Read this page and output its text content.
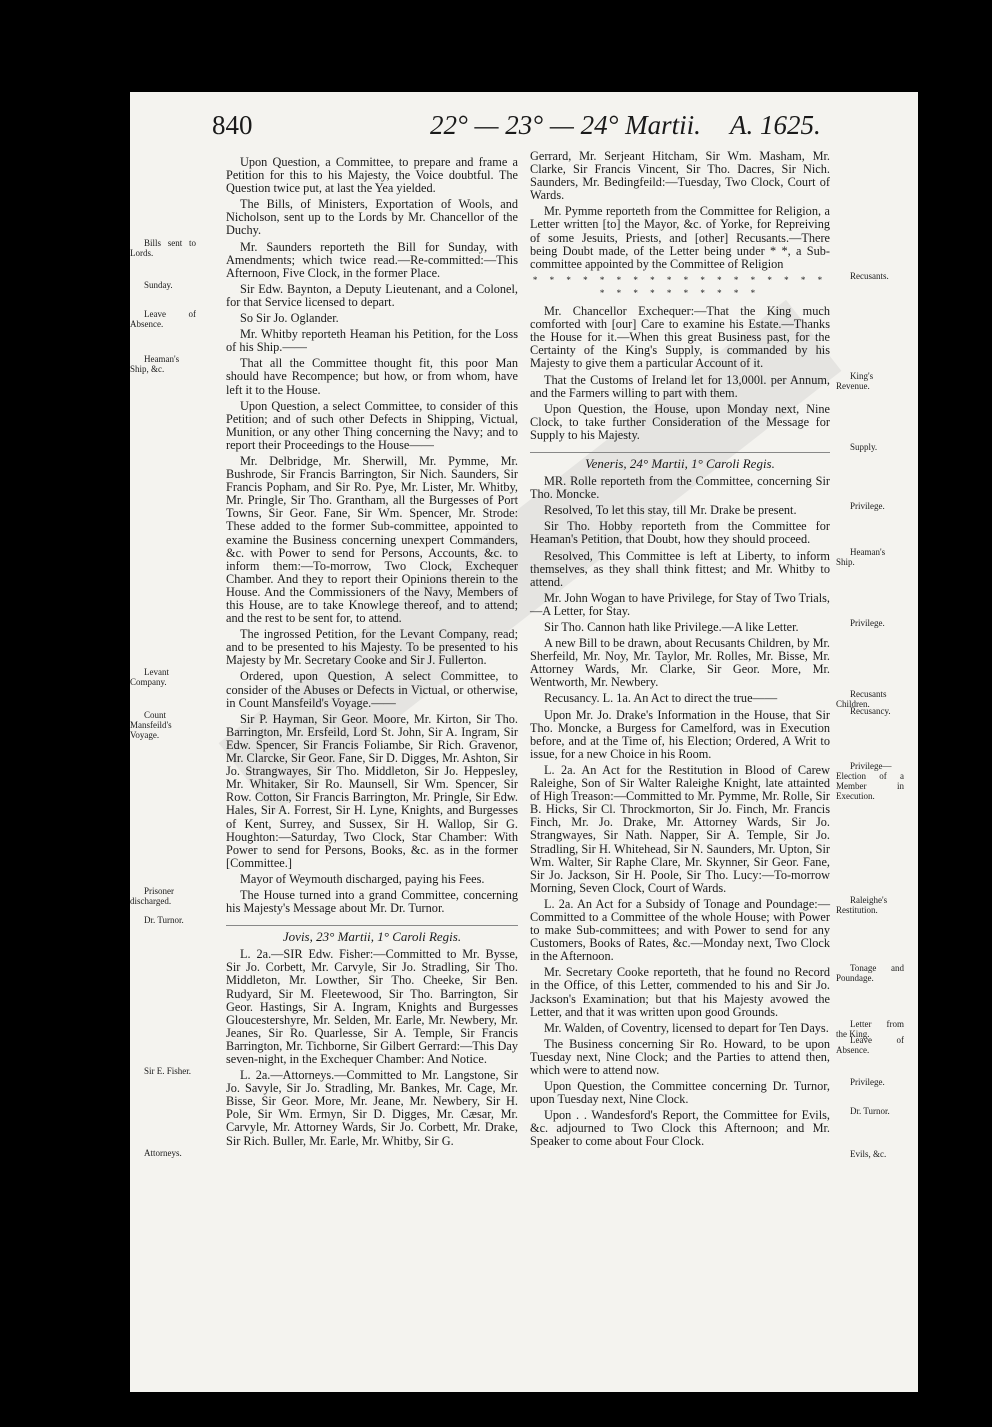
840	22° — 23° — 24° Martii. A. 1625.
Upon Question, a Committee, to prepare and frame a Petition for this to his Majesty, the Voice doubtful. The Question twice put, at last the Yea yielded.
The Bills, of Ministers, Exportation of Wools, and Nicholson, sent up to the Lords by Mr. Chancellor of the Duchy.
Bills sent to Lords.	Mr. Saunders reporteth the Bill for Sunday, with Amendments; which twice read.—Re-committed:—This Afternoon, Five Clock, in the former Place.
Sunday.	Sir Edw. Baynton, a Deputy Lieutenant, and a Colonel, for that Service licensed to depart.
Leave of Absence.	So Sir Jo. Oglander.
Mr. Whitby reporteth Heaman his Petition, for the Loss of his Ship.——
Heaman's Ship, &c.	That all the Committee thought fit, this poor Man should have Recompence; but how, or from whom, have left it to the House.
Upon Question, a select Committee, to consider of this Petition; and of such other Defects in Shipping, Victual, Munition, or any other Thing concerning the Navy; and to report their Proceedings to the House——
Mr. Delbridge, Mr. Sherwill, Mr. Pymme, Mr. Bushrode, Sir Francis Barrington, Sir Nich. Saunders, Sir Francis Popham, and Sir Ro. Pye, Mr. Lister, Mr. Whitby, Mr. Pringle, Sir Tho. Grantham, all the Burgesses of Port Towns, Sir Geor. Fane, Sir Wm. Spencer, Mr. Strode: These added to the former Sub-committee, appointed to examine the Business concerning unexpert Commanders, &c. with Power to send for Persons, Accounts, &c. to inform them:—To-morrow, Two Clock, Exchequer Chamber. And they to report their Opinions therein to the House. And the Commissioners of the Navy, Members of this House, are to take Knowlege thereof, and to attend; and the rest to be sent for, to attend.
The ingrossed Petition, for the Levant Company, read; and to be presented to his Majesty. To be presented to his Majesty by Mr. Secretary Cooke and Sir J. Fullerton.
Levant Company.	Ordered, upon Question, A select Committee, to consider of the Abuses or Defects in Victual, or otherwise, in Count Mansfeild's Voyage.——
Count Mansfeild's Voyage.
Sir P. Hayman, Sir Geor. Moore, Mr. Kirton, Sir Tho. Barrington, Mr. Ersfeild, Lord St. John, Sir A. Ingram, Sir Edw. Spencer, Sir Francis Foliambe, Sir Rich. Gravenor, Mr. Clarcke, Sir Geor. Fane, Sir D. Digges, Mr. Ashton, Sir Jo. Strangwayes, Sir Tho. Middleton, Sir Jo. Heppesley, Mr. Whitaker, Sir Ro. Maunsell, Sir Wm. Spencer, Sir Row. Cotton, Sir Francis Barrington, Mr. Pringle, Sir Edw. Hales, Sir A. Forrest, Sir H. Lyne, Knights, and Burgesses of Kent, Surrey, and Sussex, Sir H. Wallop, Sir G. Houghton:—Saturday, Two Clock, Star Chamber: With Power to send for Persons, Books, &c. as in the former [Committee.]
Mayor of Weymouth discharged, paying his Fees.
Prisoner discharged.	The House turned into a grand Committee, concerning his Majesty's Message about Mr. Dr. Turnor.
Dr. Turnor.
Jovis, 23° Martii, 1° Caroli Regis.
L. 2a.—SIR Edw. Fisher:—Committed to Mr. Bysse, Sir Jo. Corbett, Mr. Carvyle, Sir Jo. Stradling, Sir Tho. Middleton, Mr. Lowther, Sir Tho. Cheeke, Sir Ben. Rudyard, Sir M. Fleetewood, Sir Tho. Barrington, Sir Geor. Hastings, Sir A. Ingram, Knights and Burgesses Gloucestershyre, Mr. Selden, Mr. Earle, Mr. Newbery, Mr. Jeanes, Sir Ro. Quarlesse, Sir A. Temple, Sir Francis Barrington, Mr. Tichborne, Sir Gilbert Gerrard:—This Day seven-night, in the Exchequer Chamber: And Notice.
Sir E. Fisher.	L. 2a.—Attorneys.—Committed to Mr. Langstone, Sir Jo. Savyle, Sir Jo. Stradling, Mr. Bankes, Mr. Cage, Mr. Bisse, Sir Geor. More, Mr. Jeane, Mr. Newbery, Sir H. Pole, Sir Wm. Ermyn, Sir D. Digges, Mr. Cæsar, Mr. Carvyle, Mr. Attorney Wards, Sir Jo. Corbett, Mr. Drake, Sir Rich. Buller, Mr. Earle, Mr. Whitby, Sir G.
Attorneys.
Gerrard, Mr. Serjeant Hitcham, Sir Wm. Masham, Mr. Clarke, Sir Francis Vincent, Sir Tho. Dacres, Sir Nich. Saunders, Mr. Bedingfeild:—Tuesday, Two Clock, Court of Wards.
Mr. Pymme reporteth from the Committee for Religion, a Letter written [to] the Mayor, &c. of Yorke, for Repreiving of some Jesuits, Priests, and [other] Recusants.—There being Doubt made, of the Letter being under * *, a Sub-committee appointed by the Committee of Religion
Recusants.
* * * * * * * * * * * * * * * * * * * * * * * * * * * *
Mr. Chancellor Exchequer:—That the King much comforted with [our] Care to examine his Estate.—Thanks the House for it.—When this great Business past, for the Certainty of the King's Supply, is commanded by his Majesty to give them a particular Account of it.
King's Revenue.
That the Customs of Ireland let for 13,000l. per Annum, and the Farmers willing to part with them.
Upon Question, the House, upon Monday next, Nine Clock, to take further Consideration of the Message for Supply to his Majesty.
Supply.
Veneris, 24° Martii, 1° Caroli Regis.
MR. Rolle reporteth from the Committee, concerning Sir Tho. Moncke.
Privilege.
Resolved, To let this stay, till Mr. Drake be present.
Sir Tho. Hobby reporteth from the Committee for Heaman's Petition, that Doubt, how they should proceed.
Heaman's Ship.
Resolved, This Committee is left at Liberty, to inform themselves, as they shall think fittest; and Mr. Whitby to attend.
Mr. John Wogan to have Privilege, for Stay of Two Trials,—A Letter, for Stay.
Privilege.
Sir Tho. Cannon hath like Privilege.—A like Letter.
A new Bill to be drawn, about Recusants Children, by Mr. Sherfeild, Mr. Noy, Mr. Taylor, Mr. Rolles, Mr. Bisse, Mr. Attorney Wards, Mr. Clarke, Sir Geor. More, Mr. Wentworth, Mr. Newbery.
Recusants Children.
Recusancy. L. 1a. An Act to direct the true——
Recusancy.
Upon Mr. Jo. Drake's Information in the House, that Sir Tho. Moncke, a Burgess for Camelford, was in Execution before, and at the Time of, his Election; Ordered, A Writ to issue, for a new Choice in his Room.
Privilege—Election of a Member in Execution.
L. 2a. An Act for the Restitution in Blood of Carew Raleighe, Son of Sir Walter Raleighe Knight, late attainted of High Treason:—Committed to Mr. Pymme, Mr. Rolle, Sir B. Hicks, Sir Cl. Throckmorton, Sir Jo. Finch, Mr. Francis Finch, Mr. Jo. Drake, Mr. Attorney Wards, Sir Jo. Strangwayes, Sir Nath. Napper, Sir A. Temple, Sir Jo. Stradling, Sir H. Whitehead, Sir N. Saunders, Mr. Upton, Sir Wm. Walter, Sir Raphe Clare, Mr. Skynner, Sir Geor. Fane, Sir Jo. Jackson, Sir H. Poole, Sir Tho. Lucy:—To-morrow Morning, Seven Clock, Court of Wards.
Raleighe's Restitution.
L. 2a. An Act for a Subsidy of Tonage and Poundage:—Committed to a Committee of the whole House; with Power to make Sub-committees; and with Power to send for any Customers, Books of Rates, &c.—Monday next, Two Clock in the Afternoon.
Tonage and Poundage.
Mr. Secretary Cooke reporteth, that he found no Record in the Office, of this Letter, commended to his and Sir Jo. Jackson's Examination; but that his Majesty avowed the Letter, and that it was written upon good Grounds.
Letter from the King.
Mr. Walden, of Coventry, licensed to depart for Ten Days.
Leave of Absence.
The Business concerning Sir Ro. Howard, to be upon Tuesday next, Nine Clock; and the Parties to attend then, which were to attend now.
Privilege.
Upon Question, the Committee concerning Dr. Turnor, upon Tuesday next, Nine Clock.
Dr. Turnor.
Upon . . Wandesford's Report, the Committee for Evils, &c. adjourned to Two Clock this Afternoon; and Mr. Speaker to come about Four Clock.
Evils, &c.
